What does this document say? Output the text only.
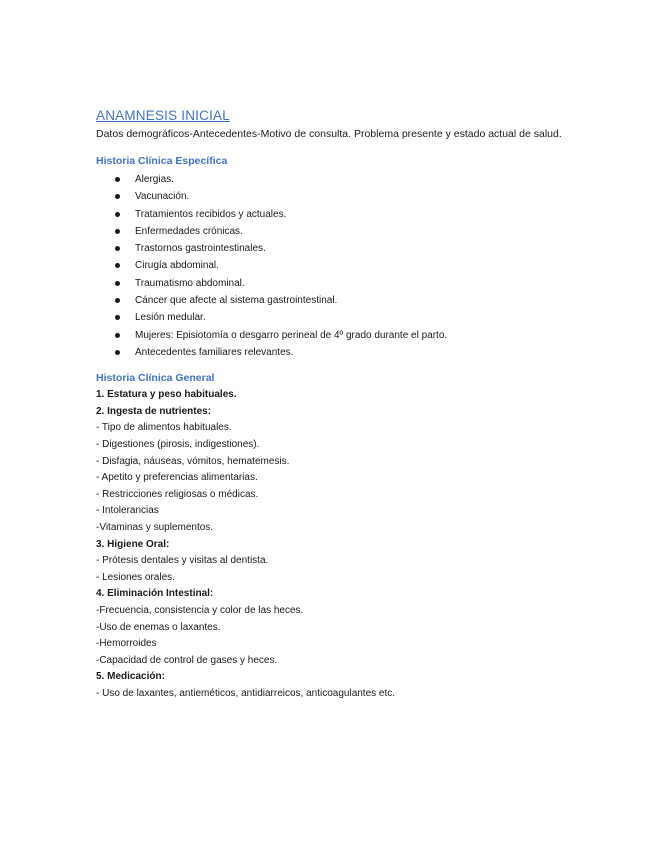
ANAMNESIS INICIAL

Datos demográficos-Antecedentes-Motivo de consulta. Problema presente y estado actual de salud.

Historia Clínica Específica
Alergias.
Vacunación.
Tratamientos recibidos y actuales.
Enfermedades crónicas.
Trastornos gastrointestinales.
Cirugía abdominal.
Traumatismo abdominal.
Cáncer que afecte al sistema gastrointestinal.
Lesión medular.
Mujeres: Episiotomía o desgarro perineal de 4º grado durante el parto.
Antecedentes familiares relevantes.
Historia Clínica General
1. Estatura y peso habituales.
2. Ingesta de nutrientes:
- Tipo de alimentos habituales.
- Digestiones (pirosis, indigestiones).
- Disfagia, náuseas, vómitos, hematemesis.
- Apetito y preferencias alimentarias.
- Restricciones religiosas o médicas.
- Intolerancias
-Vitaminas y suplementos.
3. Higiene Oral:
- Prótesis dentales y visitas al dentista.
- Lesiones orales.
4. Eliminación Intestinal:
-Frecuencia, consistencia y color de las heces.
-Uso de enemas o laxantes.
-Hemorroides
-Capacidad de control de gases y heces.
5. Medicación:
- Uso de laxantes, antieméticos, antidiarreicos, anticoagulantes etc.
